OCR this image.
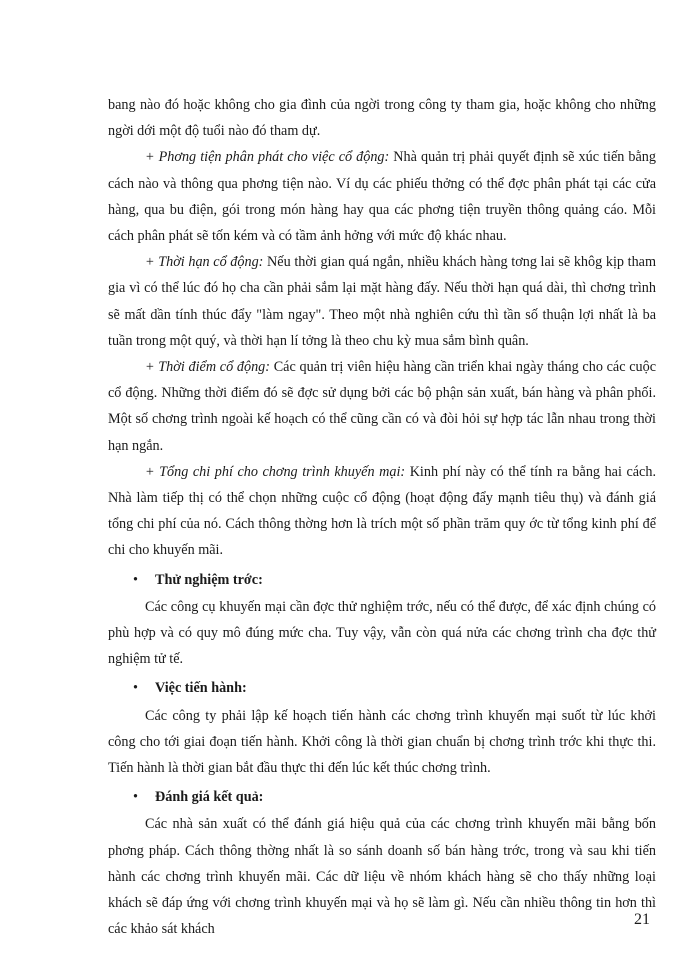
bang nào đó hoặc không cho gia đình của ngời trong công ty tham gia, hoặc không cho những ngời dới một độ tuổi nào đó tham dự.

+ Phơng tiện phân phát cho việc cổ động: Nhà quản trị phải quyết định sẽ xúc tiến bằng cách nào và thông qua phơng tiện nào. Ví dụ các phiếu thởng có thể đợc phân phát tại các cửa hàng, qua bu điện, gói trong món hàng hay qua các phơng tiện truyền thông quảng cáo. Mỗi cách phân phát sẽ tốn kém và có tầm ảnh hởng với mức độ khác nhau.

+ Thời hạn cổ động: Nếu thời gian quá ngắn, nhiều khách hàng tơng lai sẽ khôg kịp tham gia vì có thể lúc đó họ cha cần phải sắm lại mặt hàng đấy. Nếu thời hạn quá dài, thì chơng trình sẽ mất dần tính thúc đẩy "làm ngay". Theo một nhà nghiên cứu thì tần số thuận lợi nhất là ba tuần trong một quý, và thời hạn lí tởng là theo chu kỳ mua sắm bình quân.

+ Thời điểm cổ động: Các quản trị viên hiệu hàng cần triển khai ngày tháng cho các cuộc cổ động. Những thời điểm đó sẽ đợc sử dụng bởi các bộ phận sản xuất, bán hàng và phân phối. Một số chơng trình ngoài kế hoạch có thể cũng cần có và đòi hỏi sự hợp tác lẫn nhau trong thời hạn ngắn.

+ Tổng chi phí cho chơng trình khuyến mại: Kinh phí này có thể tính ra bằng hai cách. Nhà làm tiếp thị có thể chọn những cuộc cổ động (hoạt động đẩy mạnh tiêu thụ) và đánh giá tổng chi phí của nó. Cách thông thờng hơn là trích một số phần trăm quy ớc từ tổng kinh phí để chi cho khuyến mãi.

• Thử nghiệm trớc:

Các công cụ khuyến mại cần đợc thử nghiệm trớc, nếu có thể được, để xác định chúng có phù hợp và có quy mô đúng mức cha. Tuy vậy, vẫn còn quá nửa các chơng trình cha đợc thử nghiệm tử tế.

• Việc tiến hành:

Các công ty phải lập kế hoạch tiến hành các chơng trình khuyến mại suốt từ lúc khởi công cho tới giai đoạn tiến hành. Khởi công là thời gian chuẩn bị chơng trình trớc khi thực thi. Tiến hành là thời gian bắt đầu thực thi đến lúc kết thúc chơng trình.

• Đánh giá kết quả:

Các nhà sản xuất có thể đánh giá hiệu quả của các chơng trình khuyến mãi bằng bốn phơng pháp. Cách thông thờng nhất là so sánh doanh số bán hàng trớc, trong và sau khi tiến hành các chơng trình khuyến mãi. Các dữ liệu về nhóm khách hàng sẽ cho thấy những loại khách sẽ đáp ứng với chơng trình khuyến mại và họ sẽ làm gì. Nếu cần nhiều thông tin hơn thì các khảo sát khách

21
